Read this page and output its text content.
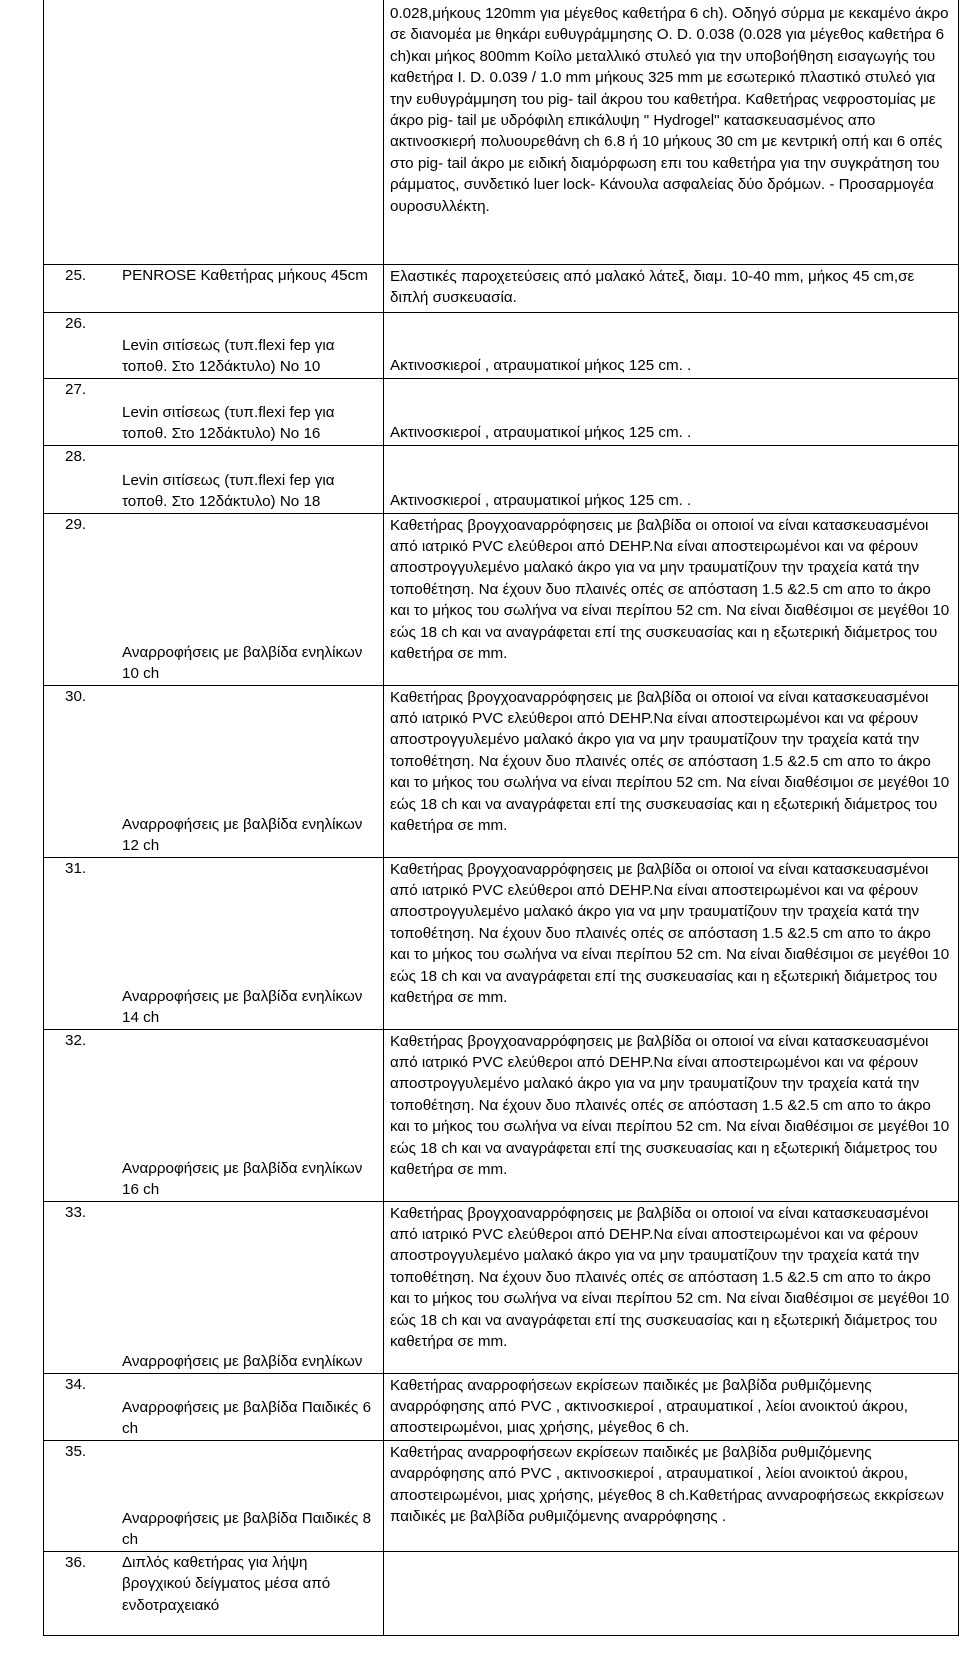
	0.028,μήκους 120mm για μέγεθος καθετήρα 6 ch). Οδηγό σύρμα με κεκαμένο άκρο σε διανομέα με θηκάρι ευθυγράμμησης Ο. D. 0.038 (0.028 για μέγεθος καθετήρα 6 ch)και μήκος 800mm Κοίλο μεταλλικό στυλεό για την υποβοήθηση εισαγωγής του καθετήρα I. D. 0.039 / 1.0 mm μήκους 325 mm με εσωτερικό πλαστικό στυλεό για την ευθυγράμμηση του pig- tail άκρου του καθετήρα. Καθετήρας νεφροστομίας με άκρο pig- tail με υδρόφιλη επικάλυψη " Hydrogel" κατασκευασμένος απο ακτινοσκιερή πολυουρεθάνη ch 6.8 ή 10 μήκους 30 cm με κεντρική οπή και 6 οπές στο pig- tail άκρο με ειδική διαμόρφωση επι του καθετήρα για την συγκράτηση του ράμματος, συνδετικό luer lock- Κάνουλα ασφαλείας δύο δρόμων. - Προσαρμογέα ουροσυλλέκτη.

25. PENROSE Καθετήρας μήκους 45cm	Ελαστικές παροχετεύσεις από μαλακό λάτεξ, διαμ. 10-40 mm, μήκος 45 cm,σε διπλή συσκευασία.

26.
Levin σιτίσεως (τυπ.flexi fep για τοποθ. Στο 12δάκτυλο) No 10	Ακτινοσκιεροί , ατραυματικοί μήκος 125 cm. .

27.
Levin σιτίσεως (τυπ.flexi fep για τοποθ. Στο 12δάκτυλο) No 16	Ακτινοσκιεροί , ατραυματικοί μήκος 125 cm. .

28.
Levin σιτίσεως (τυπ.flexi fep για τοποθ. Στο 12δάκτυλο) No 18	Ακτινοσκιεροί , ατραυματικοί μήκος 125 cm. .

29.
Αναρροφήσεις με βαλβίδα ενηλίκων 10 ch	Καθετήρας βρογχοαναρρόφησεις με βαλβίδα οι οποιοί να είναι κατασκευασμένοι από ιατρικό PVC ελεύθεροι από DEHP.Να είναι αποστειρωμένοι και να φέρουν αποστρογγυλεμένο μαλακό άκρο για να μην τραυματίζουν την τραχεία κατά την τοποθέτηση. Να έχουν δυο πλαινές οπές σε απόσταση 1.5 &2.5 cm απο το άκρο και το μήκος του σωλήνα να είναι περίπου 52 cm. Να είναι διαθέσιμοι σε μεγέθοι 10 εώς 18 ch και να αναγράφεται επί της συσκευασίας και η εξωτερική διάμετρος του καθετήρα σε mm.

30.
Αναρροφήσεις με βαλβίδα ενηλίκων 12 ch	Καθετήρας βρογχοαναρρόφησεις με βαλβίδα οι οποιοί να είναι κατασκευασμένοι από ιατρικό PVC ελεύθεροι από DEHP.Να είναι αποστειρωμένοι και να φέρουν αποστρογγυλεμένο μαλακό άκρο για να μην τραυματίζουν την τραχεία κατά την τοποθέτηση. Να έχουν δυο πλαινές οπές σε απόσταση 1.5 &2.5 cm απο το άκρο και το μήκος του σωλήνα να είναι περίπου 52 cm. Να είναι διαθέσιμοι σε μεγέθοι 10 εώς 18 ch και να αναγράφεται επί της συσκευασίας και η εξωτερική διάμετρος του καθετήρα σε mm.

31.
Αναρροφήσεις με βαλβίδα ενηλίκων 14 ch	Καθετήρας βρογχοαναρρόφησεις με βαλβίδα οι οποιοί να είναι κατασκευασμένοι από ιατρικό PVC ελεύθεροι από DEHP.Να είναι αποστειρωμένοι και να φέρουν αποστρογγυλεμένο μαλακό άκρο για να μην τραυματίζουν την τραχεία κατά την τοποθέτηση. Να έχουν δυο πλαινές οπές σε απόσταση 1.5 &2.5 cm απο το άκρο και το μήκος του σωλήνα να είναι περίπου 52 cm. Να είναι διαθέσιμοι σε μεγέθοι 10 εώς 18 ch και να αναγράφεται επί της συσκευασίας και η εξωτερική διάμετρος του καθετήρα σε mm.

32.
Αναρροφήσεις με βαλβίδα ενηλίκων 16 ch	Καθετήρας βρογχοαναρρόφησεις με βαλβίδα οι οποιοί να είναι κατασκευασμένοι από ιατρικό PVC ελεύθεροι από DEHP.Να είναι αποστειρωμένοι και να φέρουν αποστρογγυλεμένο μαλακό άκρο για να μην τραυματίζουν την τραχεία κατά την τοποθέτηση. Να έχουν δυο πλαινές οπές σε απόσταση 1.5 &2.5 cm απο το άκρο και το μήκος του σωλήνα να είναι περίπου 52 cm. Να είναι διαθέσιμοι σε μεγέθοι 10 εώς 18 ch και να αναγράφεται επί της συσκευασίας και η εξωτερική διάμετρος του καθετήρα σε mm.

33.
Αναρροφήσεις με βαλβίδα ενηλίκων	Καθετήρας βρογχοαναρρόφησεις με βαλβίδα οι οποιοί να είναι κατασκευασμένοι από ιατρικό PVC ελεύθεροι από DEHP.Να είναι αποστειρωμένοι και να φέρουν αποστρογγυλεμένο μαλακό άκρο για να μην τραυματίζουν την τραχεία κατά την τοποθέτηση. Να έχουν δυο πλαινές οπές σε απόσταση 1.5 &2.5 cm απο το άκρο και το μήκος του σωλήνα να είναι περίπου 52 cm. Να είναι διαθέσιμοι σε μεγέθοι 10 εώς 18 ch και να αναγράφεται επί της συσκευασίας και η εξωτερική διάμετρος του καθετήρα σε mm.

34.
Αναρροφήσεις με βαλβίδα Παιδικές 6 ch	Καθετήρας αναρροφήσεων εκρίσεων παιδικές με βαλβίδα ρυθμιζόμενης αναρρόφησης από PVC , ακτινοσκιεροί , ατραυματικοί , λείοι ανοικτού άκρου, αποστειρωμένοι, μιας χρήσης, μέγεθος 6 ch.

35.
Αναρροφήσεις με βαλβίδα Παιδικές 8 ch	Καθετήρας αναρροφήσεων εκρίσεων παιδικές με βαλβίδα ρυθμιζόμενης αναρρόφησης από PVC , ακτινοσκιεροί , ατραυματικοί , λείοι ανοικτού άκρου, αποστειρωμένοι, μιας χρήσης, μέγεθος 8 ch.Καθετήρας ανναροφήσεως εκκρίσεων παιδικές με βαλβίδα ρυθμιζόμενης αναρρόφησης .

36. Διπλός καθετήρας για λήψη βρογχικού δείγματος μέσα από ενδοτραχειακό	
